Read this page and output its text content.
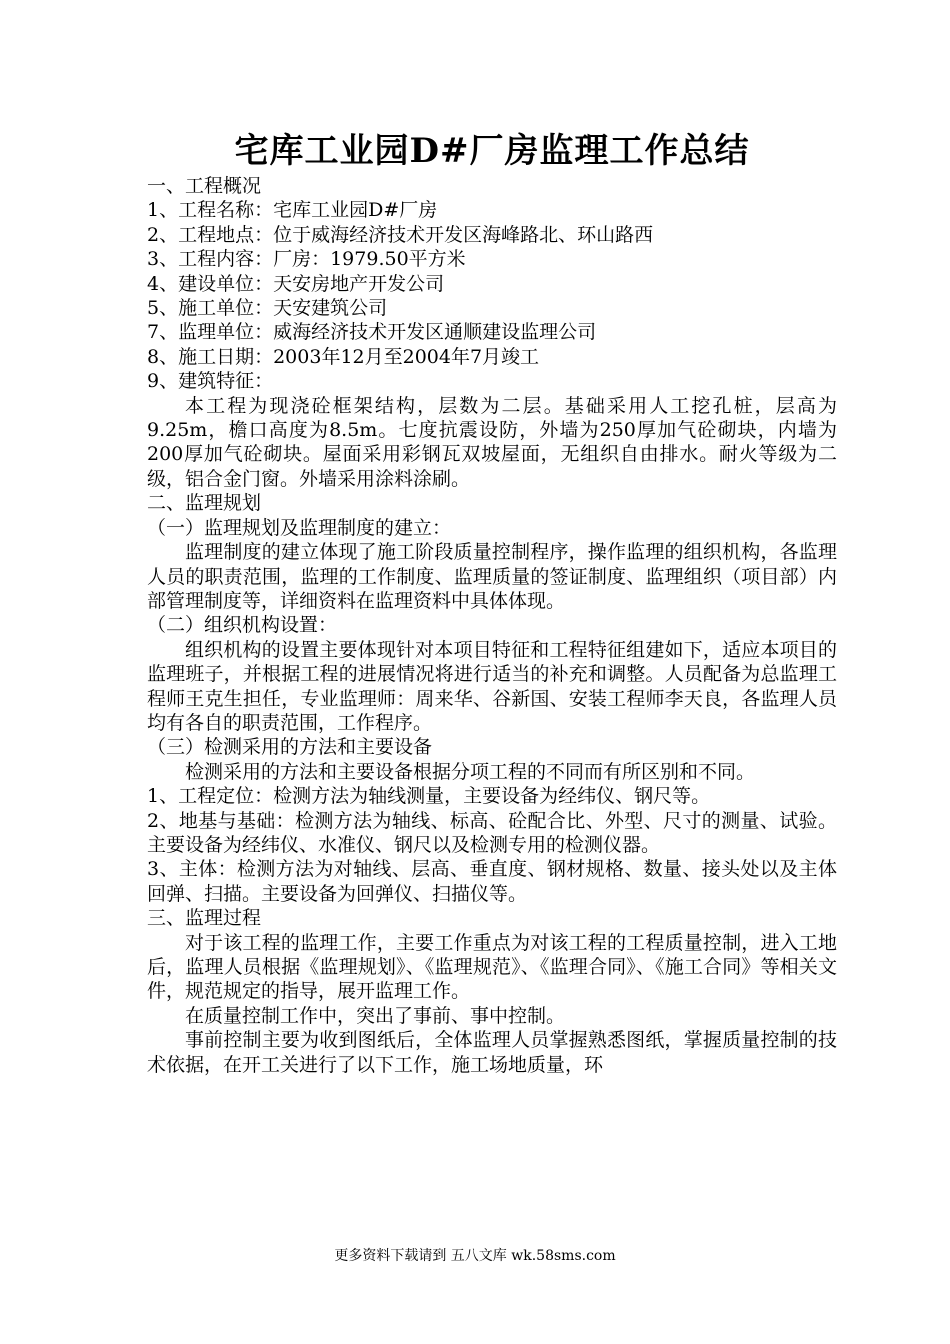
宅库工业园D#厂房监理工作总结

一、工程概况

1、工程名称：宅库工业园D#厂房

2、工程地点：位于威海经济技术开发区海峰路北、环山路西

3、工程内容：厂房：1979.50平方米

4、建设单位：天安房地产开发公司

5、施工单位：天安建筑公司

7、监理单位：威海经济技术开发区通顺建设监理公司

8、施工日期：2003年12月至2004年7月竣工

9、建筑特征：

本工程为现浇砼框架结构，层数为二层。基础采用人工挖孔桩，层高为9.25m，檐口高度为8.5m。七度抗震设防，外墙为250厚加气砼砌块，内墙为200厚加气砼砌块。屋面采用彩钢瓦双坡屋面，无组织自由排水。耐火等级为二级，铝合金门窗。外墙采用涂料涂刷。

二、监理规划

（一）监理规划及监理制度的建立：

监理制度的建立体现了施工阶段质量控制程序，操作监理的组织机构，各监理人员的职责范围，监理的工作制度、监理质量的签证制度、监理组织（项目部）内部管理制度等，详细资料在监理资料中具体体现。

（二）组织机构设置：

组织机构的设置主要体现针对本项目特征和工程特征组建如下，适应本项目的监理班子，并根据工程的进展情况将进行适当的补充和调整。人员配备为总监理工程师王克生担任，专业监理师：周来华、谷新国、安装工程师李天良，各监理人员均有各自的职责范围，工作程序。

（三）检测采用的方法和主要设备

检测采用的方法和主要设备根据分项工程的不同而有所区别和不同。

1、工程定位：检测方法为轴线测量，主要设备为经纬仪、钢尺等。

2、地基与基础：检测方法为轴线、标高、砼配合比、外型、尺寸的测量、试验。主要设备为经纬仪、水准仪、钢尺以及检测专用的检测仪器。

3、主体：检测方法为对轴线、层高、垂直度、钢材规格、数量、接头处以及主体回弹、扫描。主要设备为回弹仪、扫描仪等。

三、监理过程

对于该工程的监理工作，主要工作重点为对该工程的工程质量控制，进入工地后，监理人员根据《监理规划》、《监理规范》、《监理合同》、《施工合同》等相关文件，规范规定的指导，展开监理工作。

在质量控制工作中，突出了事前、事中控制。

事前控制主要为收到图纸后，全体监理人员掌握熟悉图纸，掌握质量控制的技术依据，在开工关进行了以下工作，施工场地质量，环

更多资料下载请到 五八文库 wk.58sms.com
